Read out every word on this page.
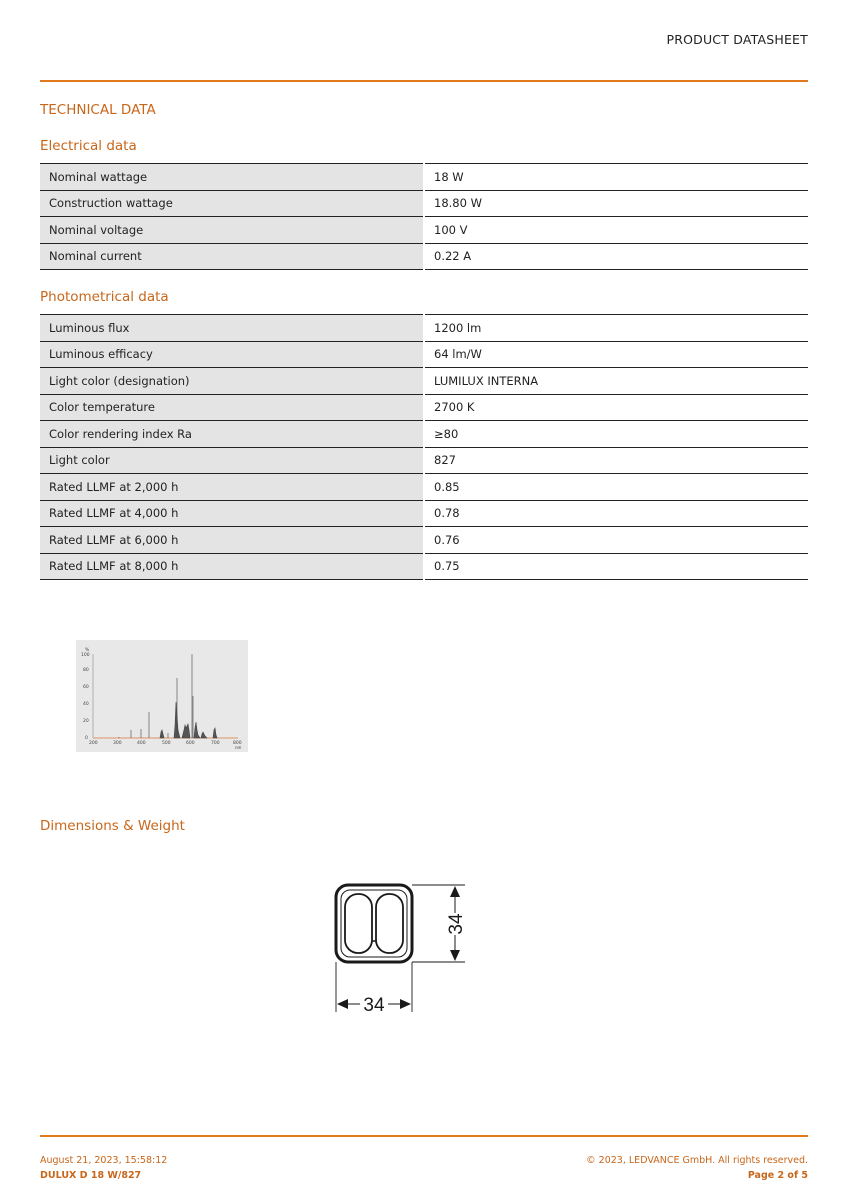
PRODUCT DATASHEET
TECHNICAL DATA
Electrical data
Nominal wattage	18 W
Construction wattage	18.80 W
Nominal voltage	100 V
Nominal current	0.22 A
Photometrical data
Luminous flux	1200 lm
Luminous efficacy	64 lm/W
Light color (designation)	LUMILUX INTERNA
Color temperature	2700 K
Color rendering index Ra	≥80
Light color	827
Rated LLMF at 2,000 h	0.85
Rated LLMF at 4,000 h	0.78
Rated LLMF at 6,000 h	0.76
Rated LLMF at 8,000 h	0.75
%
100
80
60
40
20
0
200	300	400	500	600	700	800
nm
Dimensions & Weight
34
34
August 21, 2023, 15:58:12
DULUX D 18 W/827
© 2023, LEDVANCE GmbH. All rights reserved.
Page 2 of 5
